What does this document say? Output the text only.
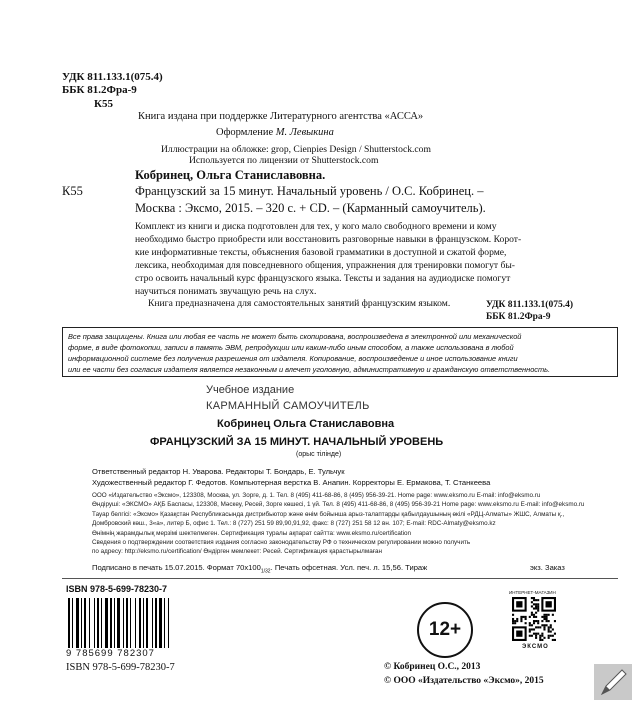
УДК 811.133.1(075.4)
ББК 81.2Фра-9
К55
Книга издана при поддержке Литературного агентства «АССА»
Оформление М. Левыкина
Иллюстрации на обложке: grop, Cienpies Design / Shutterstock.com
Используется по лицензии от Shutterstock.com
Кобринец, Ольга Станиславовна.
К55	Французский за 15 минут. Начальный уровень / О.С. Кобринец. –
Москва : Эксмо, 2015. – 320 с. + CD. – (Карманный самоучитель).
Комплект из книги и диска подготовлен для тех, у кого мало свободного времени и кому
необходимо быстро приобрести или восстановить разговорные навыки в французском. Корот-
кие информативные тексты, объяснения базовой грамматики в доступной и сжатой форме,
лексика, необходимая для повседневного общения, упражнения для тренировки помогут бы-
стро освоить начальный курс французского языка. Тексты и задания на аудиодиске помогут
научиться понимать звучащую речь на слух.
Книга предназначена для самостоятельных занятий французским языком.	УДК 811.133.1(075.4)
ББК 81.2Фра-9
Все права защищены. Книга или любая ее часть не может быть скопирована, воспроизведена в электронной или механической
форме, в виде фотокопии, записи в память ЭВМ, репродукции или каким-либо иным способом, а также использована в любой
информационной системе без получения разрешения от издателя. Копирование, воспроизведение и иное использование книги
или ее части без согласия издателя является незаконным и влечет уголовную, административную и гражданскую ответственность.
Учебное издание
КАРМАННЫЙ САМОУЧИТЕЛЬ
Кобринец Ольга Станиславовна
ФРАНЦУЗСКИЙ ЗА 15 МИНУТ. НАЧАЛЬНЫЙ УРОВЕНЬ
(орыс тілінде)
Ответственный редактор Н. Уварова. Редакторы Т. Бондарь, Е. Тульчук
Художественный редактор Г. Федотов. Компьютерная верстка В. Анапин. Корректоры Е. Ермакова, Т. Станкеева
ООО «Издательство «Эксмо», 123308, Москва, ул. Зорге, д. 1. Тел. 8 (495) 411-68-86, 8 (495) 956-39-21. Home page: www.eksmo.ru E-mail: info@eksmo.ru
Өндіруші: «ЭКСМО» АҚБ Баспасы, 123308, Мәскеу, Ресей, Зорге көшесі, 1 үй. Тел. 8 (495) 411-68-86, 8 (495) 956-39-21 Home page: www.eksmo.ru E-mail: info@eksmo.ru
Тауар белгісі: «Эксмо» Қазақстан Республикасында дистрибьютор және өнім бойынша арыз-талаптарды қабылдаушының өкілі «РДЦ-Алматы» ЖШС, Алматы қ.,
Домбровский көш., 3«а», литер Б, офис 1. Тел.: 8 (727) 251 59 89,90,91,92, факс: 8 (727) 251 58 12 вн. 107; E-mail: RDC-Almaty@eksmo.kz
Өнімнің жарамдылық мерзімі шектелмеген. Сертификация туралы ақпарат сайтта: www.eksmo.ru/certification
Сведения о подтверждении соответствия издания согласно законодательству РФ о техническом регулировании можно получить
по адресу: http://eksmo.ru/certification/ Өндірген мемлекет: Ресей. Сертификация қарастырылмаған
Подписано в печать 15.07.2015. Формат $70x100_{1/32}$. Печать офсетная. Усл. печ. л. 15,56. Тираж	экз. Заказ
ISBN 978-5-699-78230-7
9 785699 782307
ISBN 978-5-699-78230-7
12+
ИНТЕРНЕТ-МАГАЗИН
ЭКСМО
© Кобринец О.С., 2013
© ООО «Издательство «Эксмо», 2015
